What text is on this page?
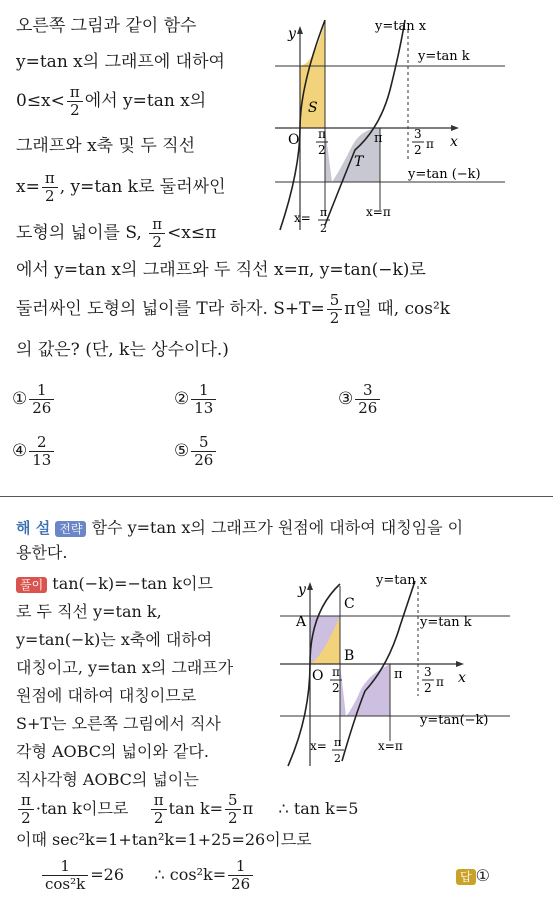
오른쪽 그림과 같이 함수
y=tan x의 그래프에 대하여
$0\le x< \frac{\pi}{2}$ 에서 y=tan x의
그래프와 x축 및 두 직선
$x= \frac{\pi}{2}$ , y=tan k로 둘러싸인
도형의 넓이를 S, $\frac{\pi}{2} <x\le\pi$
에서 y=tan x의 그래프와 두 직선 x=π, y=tan(−k)로
둘러싸인 도형의 넓이를 T라 하자. $S+T= \frac{5}{2}$ π일 때, cos²k
의 값은? (단, k는 상수이다.)
① $\frac{1}{26}$	② $\frac{1}{13}$	③ $\frac{3}{26}$
④ $\frac{2}{13}$	⑤ $\frac{5}{26}$
y
x
O
S
T
y=tan x
y=tan k
y=tan (−k)
π
π
2
3
2 π
x=π
x= π
2
해 설 전략 함수 y=tan x의 그래프가 원점에 대하여 대칭임을 이
용한다.
풀이 tan(−k)=−tan k이므
로 두 직선 y=tan k,
y=tan(−k)는 x축에 대하여
대칭이고, y=tan x의 그래프가
원점에 대하여 대칭이므로
S+T는 오른쪽 그림에서 직사
각형 AOBC의 넓이와 같다.
직사각형 AOBC의 넓이는
$\frac{\pi}{2} \cdot\tan$ k이므로 $\frac{\pi}{2}$ $\tan k= \frac{5}{2}$ π ∴ tan k=5
이때 sec²k=1+tan²k=1+25=26이므로
$\frac{1}{\text{cos²k}} =26$ ∴ $\cos^2k= \frac{1}{26}$	답 ①
y
x
O
A
B
C
y=tan x
y=tan k
y=tan(−k)
π
π
2
3
2 π
x= π
2
x=π
